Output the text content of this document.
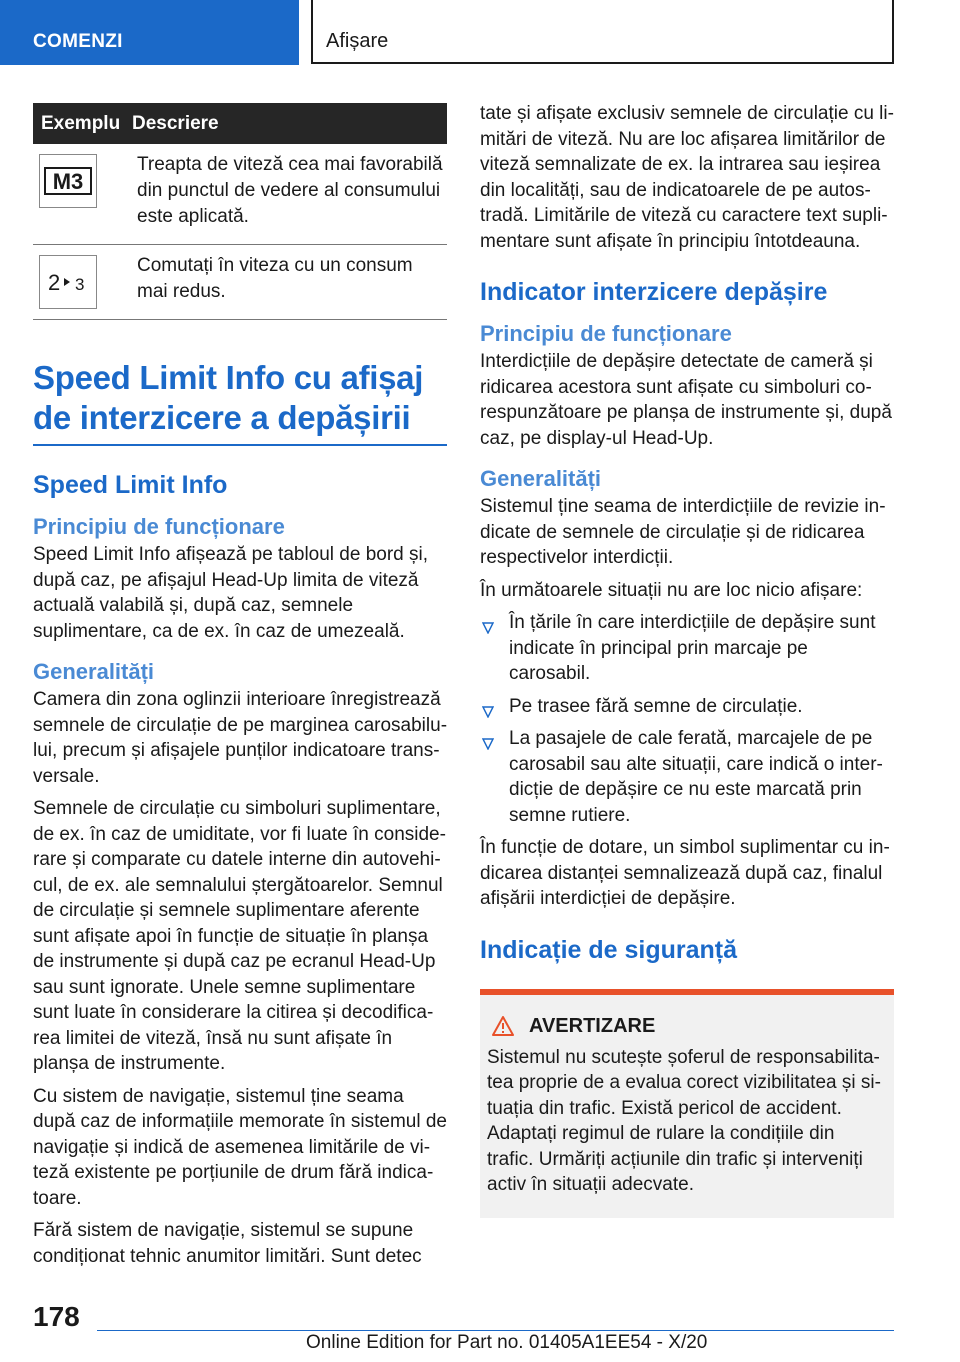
COMENZI	Afișare
Exemplu	Descriere

M3	Treapta de viteză cea mai favorabilă din punctul de vedere al consumului este aplicată.

2 3	Comutați în viteza cu un consum mai redus.
Speed Limit Info cu afișaj de interzicere a depășirii
Speed Limit Info
Principiu de funcționare

Speed Limit Info afișează pe tabloul de bord și, după caz, pe afișajul Head-Up limita de viteză actuală valabilă și, după caz, semnele suplimentare, ca de ex. în caz de umezeală.

Generalități

Camera din zona oglinzii interioare înregistrează semnele de circulație de pe marginea carosabilului, precum și afișajele punților indicatoare transversale.

Semnele de circulație cu simboluri suplimentare, de ex. în caz de umiditate, vor fi luate în considerare și comparate cu datele interne din autovehicul, de ex. ale semnalului ștergătoarelor. Semnul de circulație și semnele suplimentare aferente sunt afișate apoi în funcție de situație în planșa de instrumente și după caz pe ecranul Head-Up sau sunt ignorate. Unele semne suplimentare sunt luate în considerare la citirea și decodificarea limitei de viteză, însă nu sunt afișate în planșa de instrumente.

Cu sistem de navigație, sistemul ține seama după caz de informațiile memorate în sistemul de navigație și indică de asemenea limitările de viteză existente pe porțiunile de drum fără indicatoare.

Fără sistem de navigație, sistemul se supune condiționat tehnic anumitor limitări. Sunt detec

tate și afișate exclusiv semnele de circulație cu limitări de viteză. Nu are loc afișarea limitărilor de viteză semnalizate de ex. la intrarea sau ieșirea din localități, sau de indicatoarele de pe autostradă. Limitările de viteză cu caractere text suplimentare sunt afișate în principiu întotdeauna.

Indicator interzicere depășire
Principiu de funcționare

Interdicțiile de depășire detectate de cameră și ridicarea acestora sunt afișate cu simboluri corespunzătoare pe planșa de instrumente și, după caz, pe display-ul Head-Up.

Generalități

Sistemul ține seama de interdicțiile de revizie indicate de semnele de circulație și de ridicarea respectivelor interdicții.

În următoarele situații nu are loc nicio afișare:

În țările în care interdicțiile de depășire sunt indicate în principal prin marcaje pe carosabil.
Pe trasee fără semne de circulație.
La pasajele de cale ferată, marcajele de pe carosabil sau alte situații, care indică o interdicție de depășire ce nu este marcată prin semne rutiere.

În funcție de dotare, un simbol suplimentar cu indicarea distanței semnalizează după caz, finalul afișării interdicției de depășire.

Indicație de siguranță
AVERTIZARE

Sistemul nu scutește șoferul de responsabilitatea proprie de a evalua corect vizibilitatea și situația din trafic. Există pericol de accident. Adaptați regimul de rulare la condițiile din trafic. Urmăriți acțiunile din trafic și interveniți activ în situații adecvate.

178
Online Edition for Part no. 01405A1EE54 - X/20
